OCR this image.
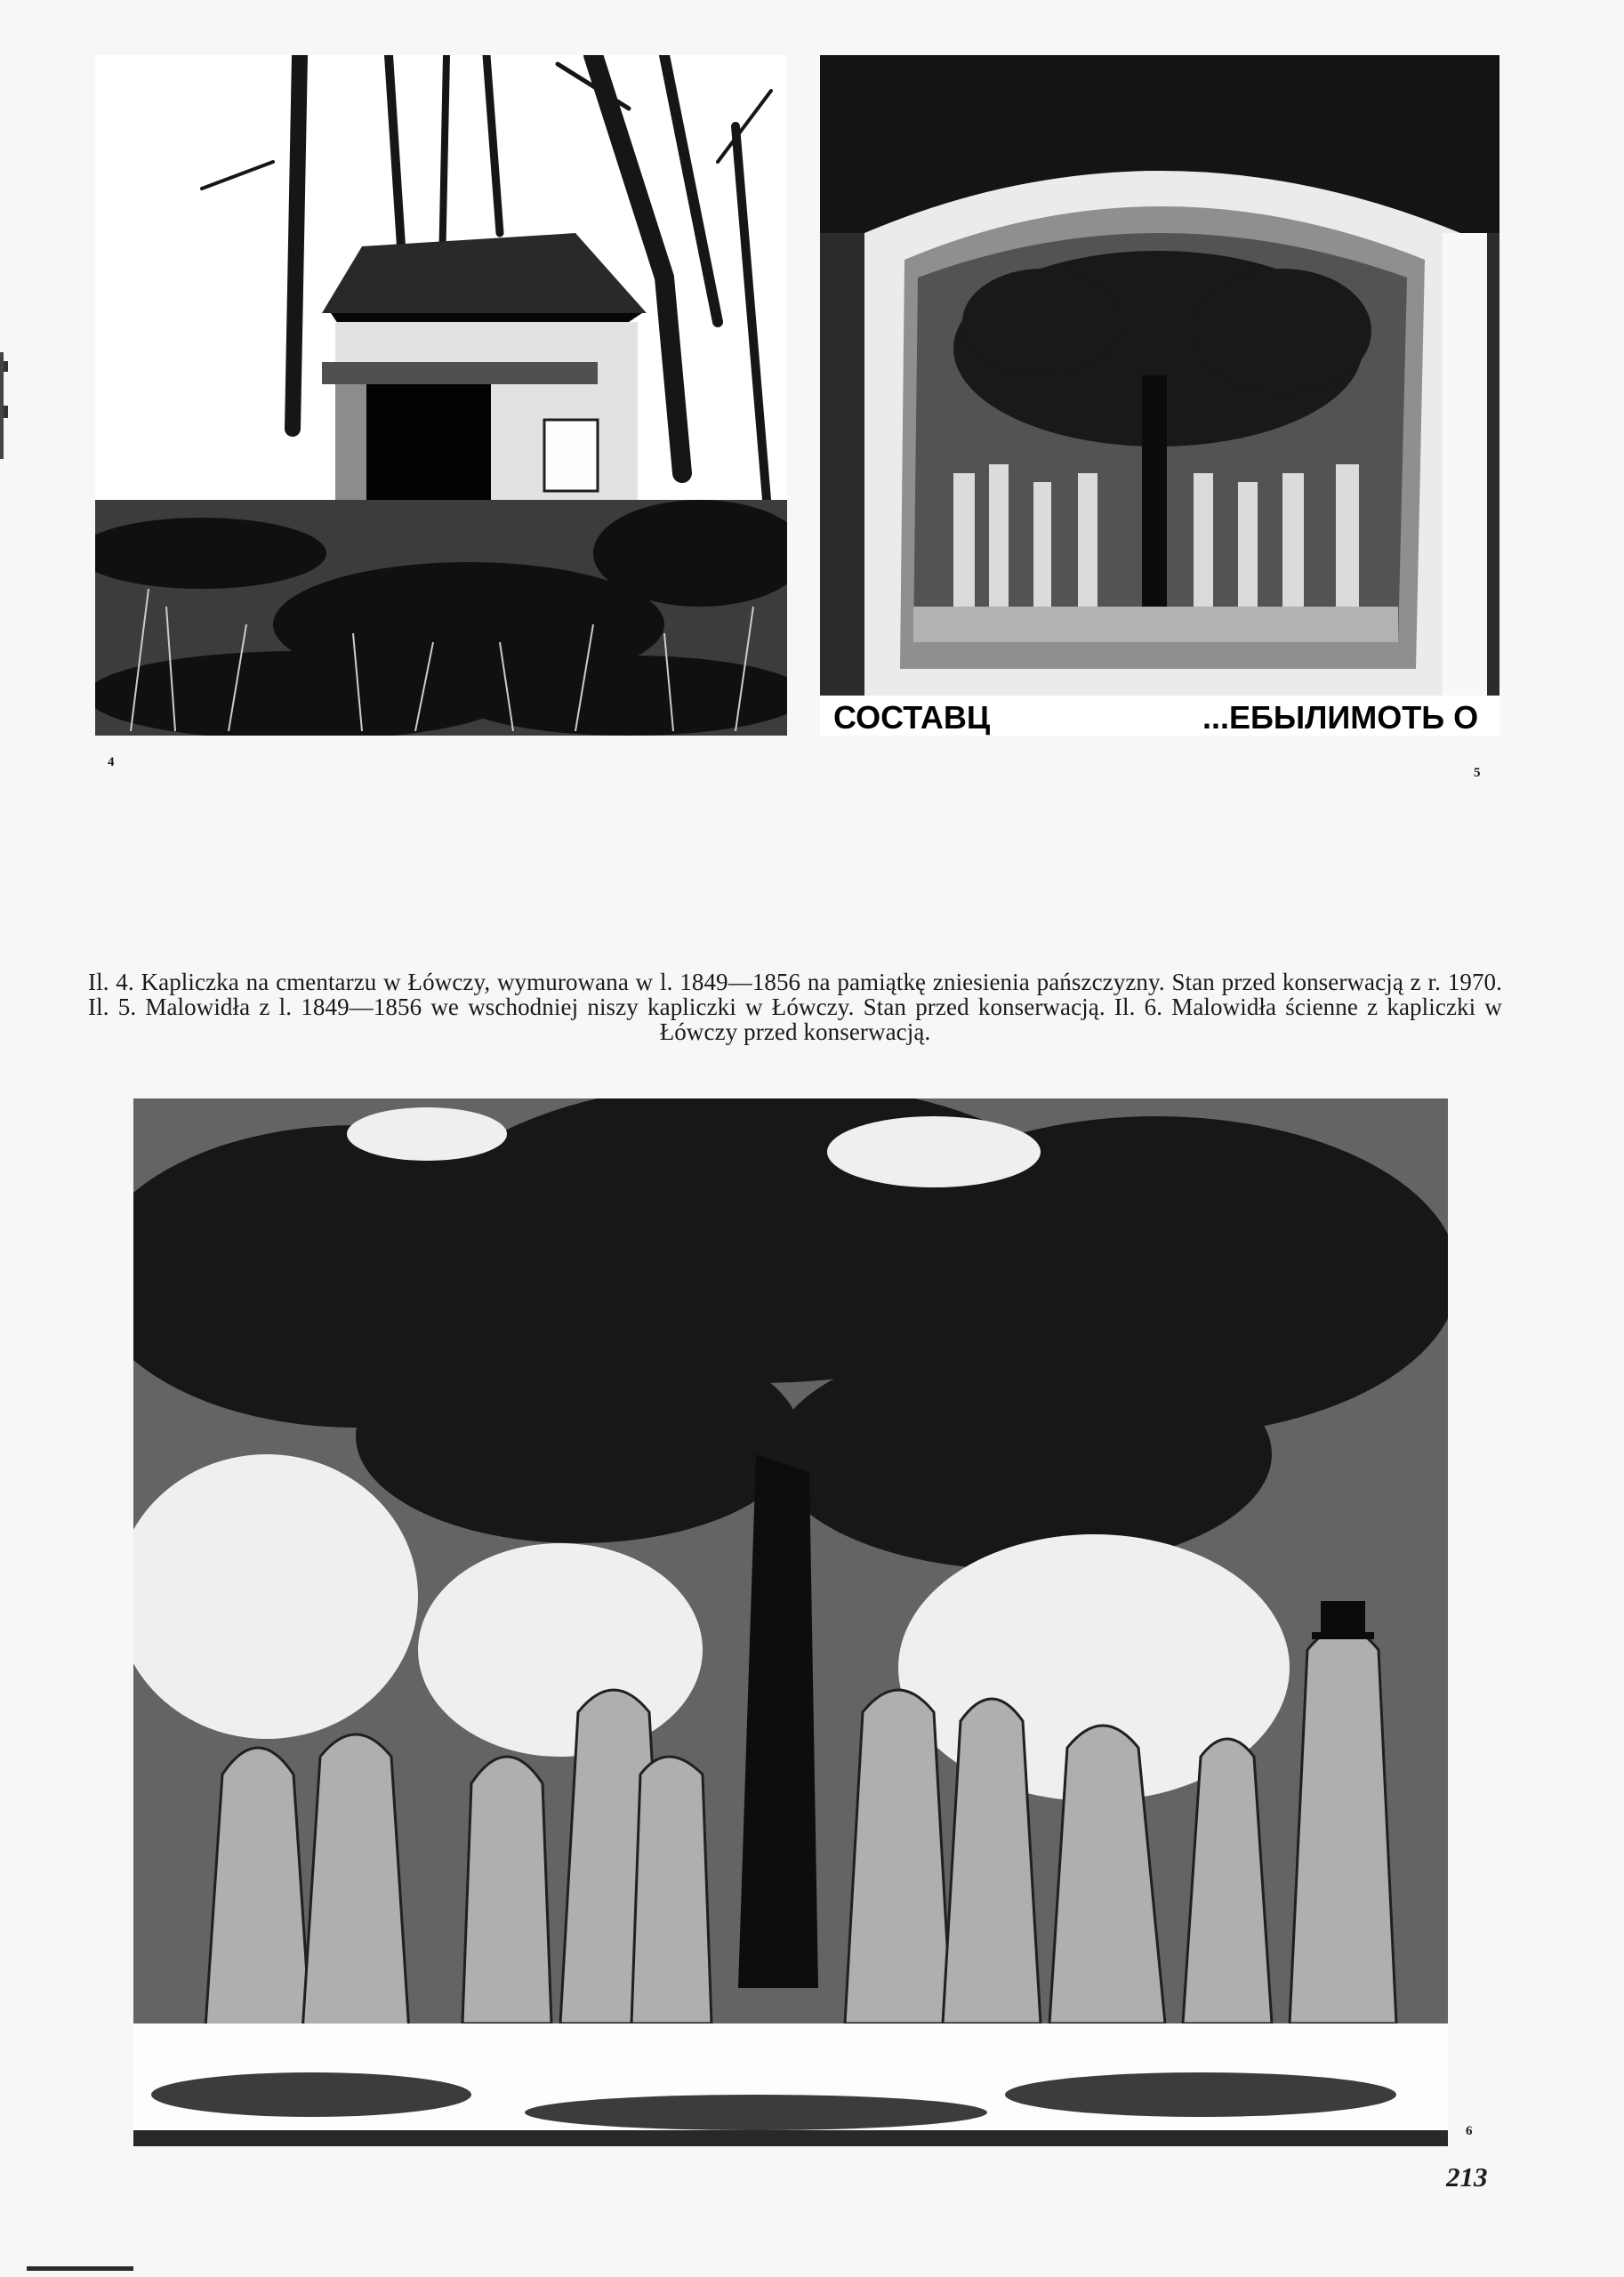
СОСТАВЦ	...ЕБЫЛИМОТЬ О
4
5
Il. 4. Kapliczka na cmentarzu w Łówczy, wymurowana w l. 1849—1856 na pamiątkę zniesienia pańszczyzny. Stan przed konserwacją z r. 1970. Il. 5. Malowidła z l. 1849—1856 we wschodniej niszy kapliczki w Łówczy. Stan przed konserwacją. Il. 6. Malowidła ścienne z kapliczki w Łówczy przed konserwacją.
6
213
